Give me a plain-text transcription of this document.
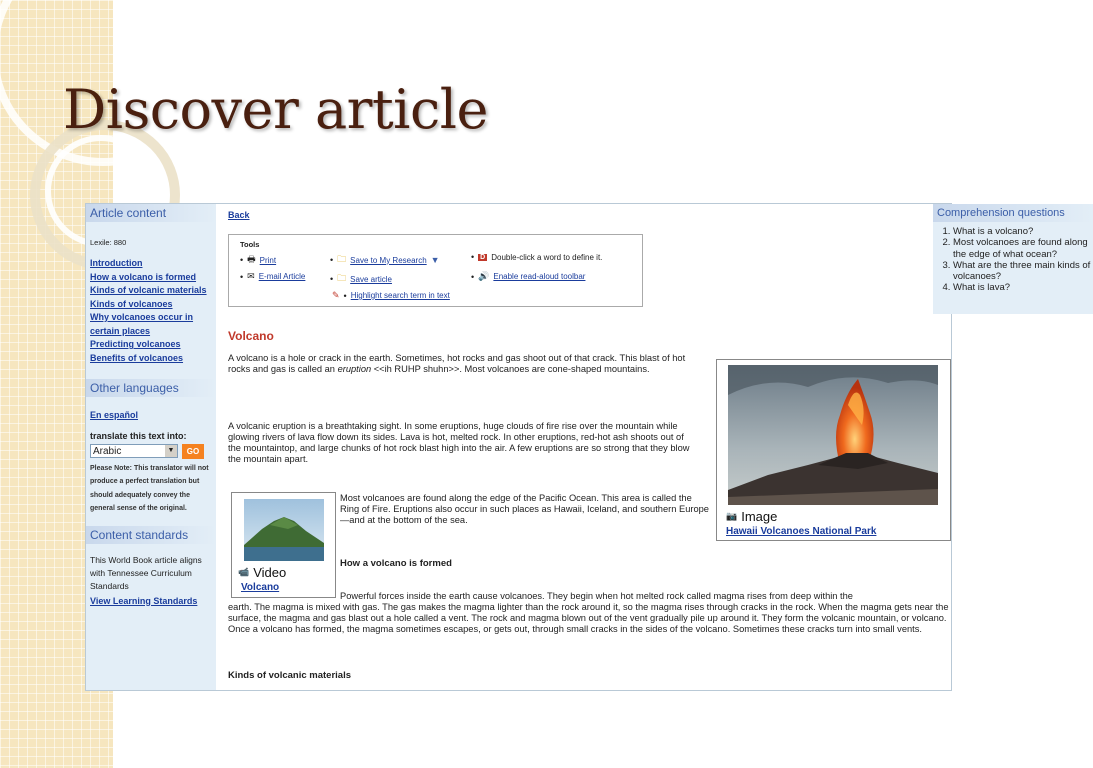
Discover article
Article content
Lexile: 880
Introduction
How a volcano is formed
Kinds of volcanic materials
Kinds of volcanoes
Why volcanoes occur in certain places
Predicting volcanoes
Benefits of volcanoes
Other languages
En español
translate this text into:
Arabic	▼	GO
Please Note: This translator will not produce a perfect translation but should adequately convey the general sense of the original.
Content standards
This World Book article aligns with Tennessee Curriculum Standards
View Learning Standards
Back
Tools
• 🖶 Print
• ✉ E-mail Article
• 🗀 Save to My Research ▼
• 🗀 Save article
✎ • Highlight search term in text
• D Double-click a word to define it.
• 🔊 Enable read-aloud toolbar
Comprehension questions
1. What is a volcano?
2. Most volcanoes are found along the edge of what ocean?
3. What are the three main kinds of volcanoes?
4. What is lava?
Volcano
A volcano is a hole or crack in the earth. Sometimes, hot rocks and gas shoot out of that crack. This blast of hot rocks and gas is called an eruption <<ih RUHP shuhn>>. Most volcanoes are cone-shaped mountains.
A volcanic eruption is a breathtaking sight. In some eruptions, huge clouds of fire rise over the mountain while glowing rivers of lava flow down its sides. Lava is hot, melted rock. In other eruptions, red-hot ash shoots out of the mountaintop, and large chunks of hot rock blast high into the air. A few eruptions are so strong that they blow the mountain apart.
📹 Video
Volcano
Most volcanoes are found along the edge of the Pacific Ocean. This area is called the Ring of Fire. Eruptions also occur in such places as Hawaii, Iceland, and southern Europe—and at the bottom of the sea.
How a volcano is formed
Powerful forces inside the earth cause volcanoes. They begin when hot melted rock called magma rises from deep within the
earth. The magma is mixed with gas. The gas makes the magma lighter than the rock around it, so the magma rises through cracks in the rock. When the magma gets near the surface, the magma and gas blast out a hole called a vent. The rock and magma blown out of the vent gradually pile up around it. They form the volcanic mountain, or volcano. Once a volcano has formed, the magma sometimes escapes, or gets out, through small cracks in the sides of the volcano. Sometimes these cracks turn into small vents.
Kinds of volcanic materials
📷 Image
Hawaii Volcanoes National Park
